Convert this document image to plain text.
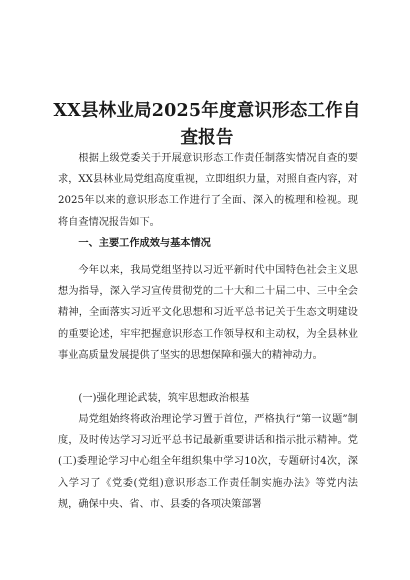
XX县林业局2025年度意识形态工作自查报告

根据上级党委关于开展意识形态工作责任制落实情况自查的要求，XX县林业局党组高度重视，立即组织力量，对照自查内容，对2025年以来的意识形态工作进行了全面、深入的梳理和检视。现将自查情况报告如下。

一、主要工作成效与基本情况

今年以来，我局党组坚持以习近平新时代中国特色社会主义思想为指导，深入学习宣传贯彻党的二十大和二十届二中、三中全会精神，全面落实习近平文化思想和习近平总书记关于生态文明建设的重要论述，牢牢把握意识形态工作领导权和主动权，为全县林业事业高质量发展提供了坚实的思想保障和强大的精神动力。

(一)强化理论武装，筑牢思想政治根基

局党组始终将政治理论学习置于首位，严格执行“第一议题”制度，及时传达学习习近平总书记最新重要讲话和指示批示精神。党(工)委理论学习中心组全年组织集中学习10次，专题研讨4次，深入学习了《党委(党组)意识形态工作责任制实施办法》等党内法规，确保中央、省、市、县委的各项决策部署
